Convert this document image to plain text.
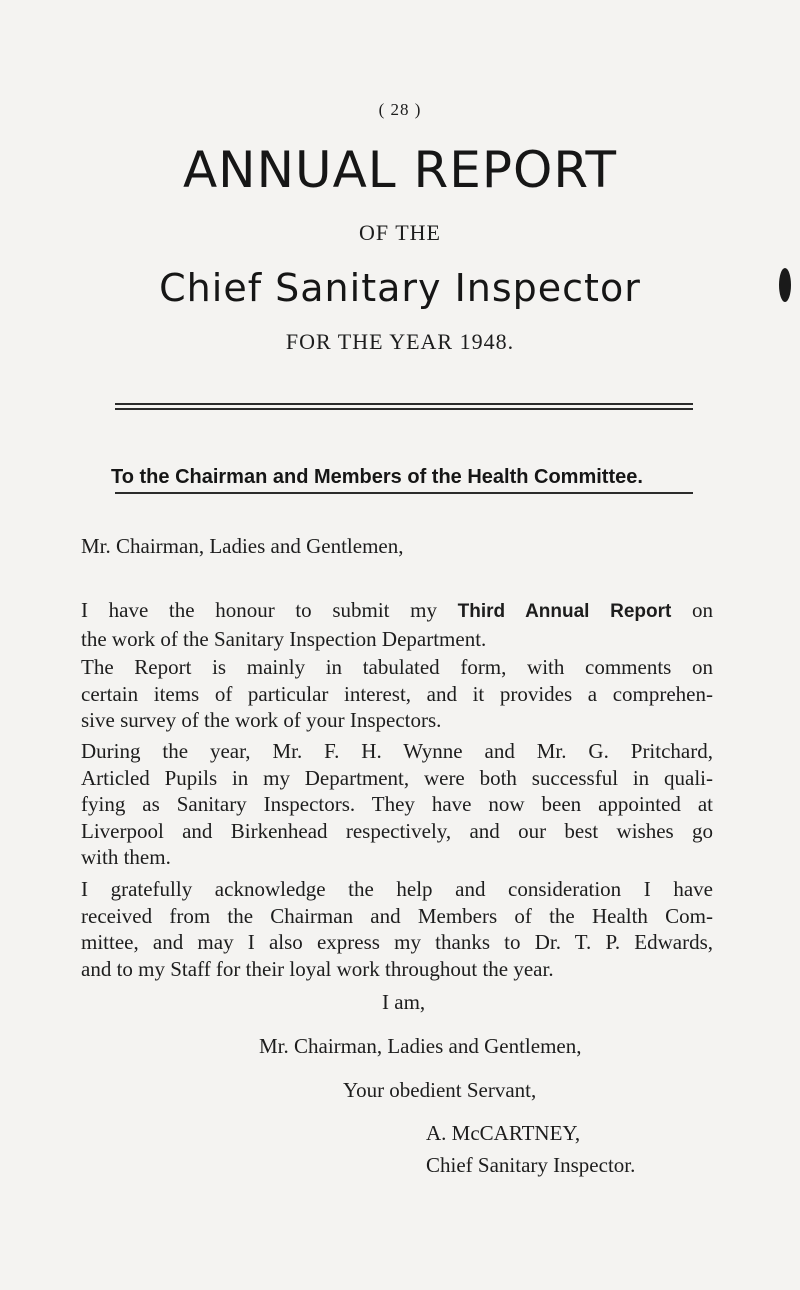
( 28 )
ANNUAL REPORT
OF THE
Chief Sanitary Inspector
FOR THE YEAR 1948.
To the Chairman and Members of the Health Committee.
Mr. Chairman, Ladies and Gentlemen,
I have the honour to submit my Third Annual Report on
the work of the Sanitary Inspection Department.
The Report is mainly in tabulated form, with comments on
certain items of particular interest, and it provides a comprehen-
sive survey of the work of your Inspectors.
During the year, Mr. F. H. Wynne and Mr. G. Pritchard,
Articled Pupils in my Department, were both successful in quali-
fying as Sanitary Inspectors. They have now been appointed at
Liverpool and Birkenhead respectively, and our best wishes go
with them.
I gratefully acknowledge the help and consideration I have
received from the Chairman and Members of the Health Com-
mittee, and may I also express my thanks to Dr. T. P. Edwards,
and to my Staff for their loyal work throughout the year.
I am,
Mr. Chairman, Ladies and Gentlemen,
Your obedient Servant,
A. McCARTNEY,
Chief Sanitary Inspector.
